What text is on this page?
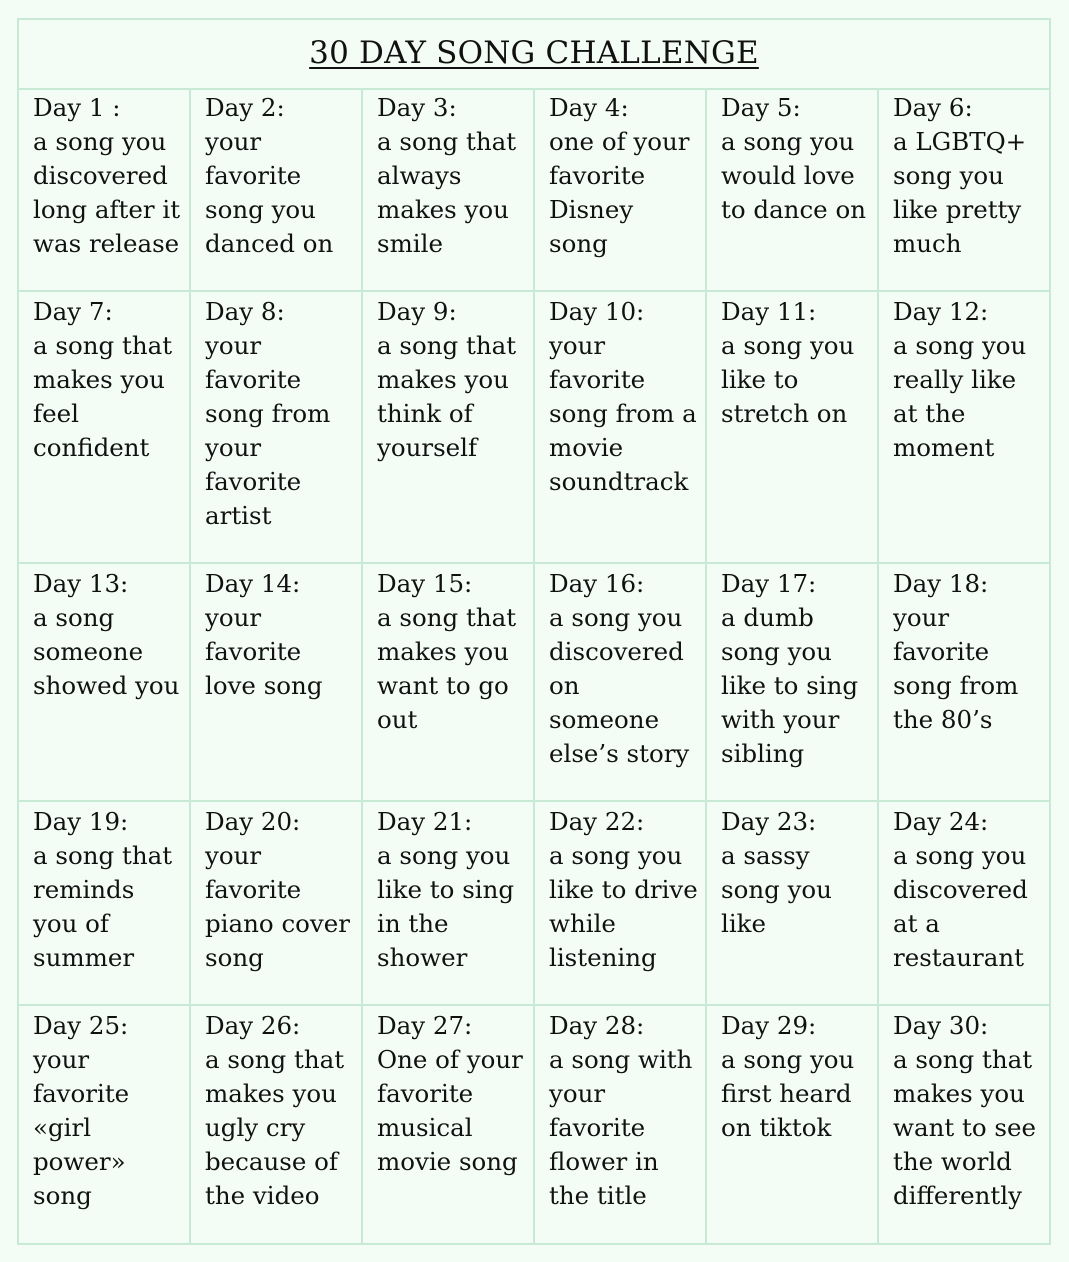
30 DAY SONG CHALLENGE
Day 1 :
a song you
discovered
long after it
was release
Day 2:
your
favorite
song you
danced on
Day 3:
a song that
always
makes you
smile
Day 4:
one of your
favorite
Disney
song
Day 5:
a song you
would love
to dance on
Day 6:
a LGBTQ+
song you
like pretty
much
Day 7:
a song that
makes you
feel
confident
Day 8:
your
favorite
song from
your
favorite
artist
Day 9:
a song that
makes you
think of
yourself
Day 10:
your
favorite
song from a
movie
soundtrack
Day 11:
a song you
like to
stretch on
Day 12:
a song you
really like
at the
moment
Day 13:
a song
someone
showed you
Day 14:
your
favorite
love song
Day 15:
a song that
makes you
want to go
out
Day 16:
a song you
discovered
on
someone
else’s story
Day 17:
a dumb
song you
like to sing
with your
sibling
Day 18:
your
favorite
song from
the 80’s
Day 19:
a song that
reminds
you of
summer
Day 20:
your
favorite
piano cover
song
Day 21:
a song you
like to sing
in the
shower
Day 22:
a song you
like to drive
while
listening
Day 23:
a sassy
song you
like
Day 24:
a song you
discovered
at a
restaurant
Day 25:
your
favorite
«girl power»
song
Day 26:
a song that
makes you
ugly cry
because of
the video
Day 27:
One of your
favorite
musical
movie song
Day 28:
a song with
your
favorite
flower in
the title
Day 29:
a song you
first heard
on tiktok
Day 30:
a song that
makes you
want to see
the world
differently
